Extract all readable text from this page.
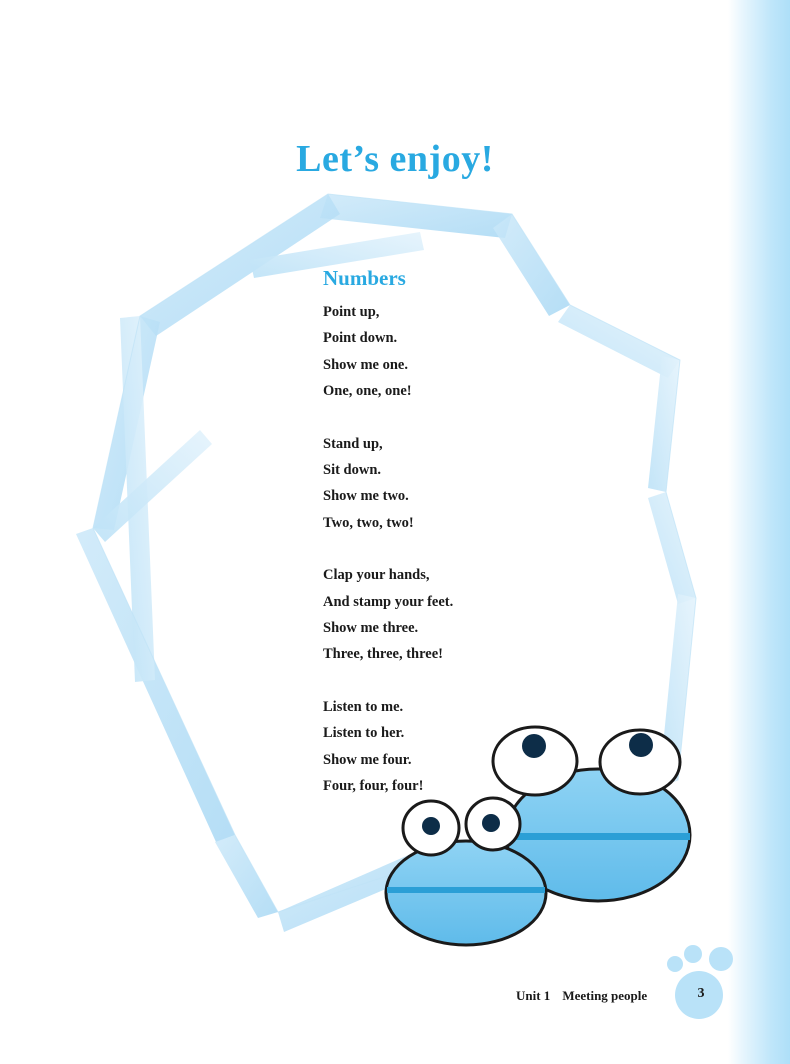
Let’s enjoy!
Numbers
Point up,
Point down.
Show me one.
One, one, one!
Stand up,
Sit down.
Show me two.
Two, two, two!
Clap your hands,
And stamp your feet.
Show me three.
Three, three, three!
Listen to me.
Listen to her.
Show me four.
Four, four, four!
Unit 1 Meeting people	3
